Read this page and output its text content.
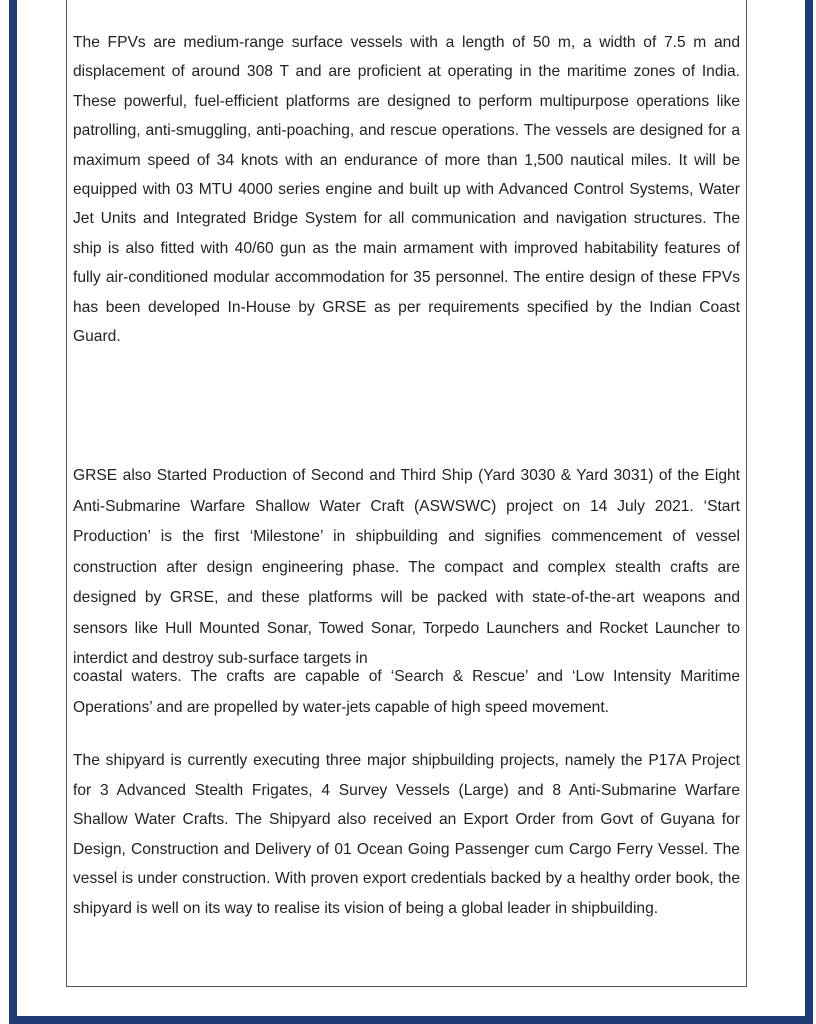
The FPVs are medium-range surface vessels with a length of 50 m, a width of 7.5 m and displacement of around 308 T and are proficient at operating in the maritime zones of India. These powerful, fuel-efficient platforms are designed to perform multipurpose operations like patrolling, anti-smuggling, anti-poaching, and rescue operations. The vessels are designed for a maximum speed of 34 knots with an endurance of more than 1,500 nautical miles. It will be equipped with 03 MTU 4000 series engine and built up with Advanced Control Systems, Water Jet Units and Integrated Bridge System for all communication and navigation structures. The ship is also fitted with 40/60 gun as the main armament with improved habitability features of fully air-conditioned modular accommodation for 35 personnel. The entire design of these FPVs has been developed In-House by GRSE as per requirements specified by the Indian Coast Guard.

GRSE also Started Production of Second and Third Ship (Yard 3030 & Yard 3031) of the Eight Anti-Submarine Warfare Shallow Water Craft (ASWSWC) project on 14 July 2021. ‘Start Production’ is the first ‘Milestone’ in shipbuilding and signifies commencement of vessel construction after design engineering phase. The compact and complex stealth crafts are designed by GRSE, and these platforms will be packed with state-of-the-art weapons and sensors like Hull Mounted Sonar, Towed Sonar, Torpedo Launchers and Rocket Launcher to interdict and destroy sub-surface targets in

coastal waters. The crafts are capable of ‘Search & Rescue’ and ‘Low Intensity Maritime Operations’ and are propelled by water-jets capable of high speed movement.

The shipyard is currently executing three major shipbuilding projects, namely the P17A Project for 3 Advanced Stealth Frigates, 4 Survey Vessels (Large) and 8 Anti-Submarine Warfare Shallow Water Crafts. The Shipyard also received an Export Order from Govt of Guyana for Design, Construction and Delivery of 01 Ocean Going Passenger cum Cargo Ferry Vessel. The vessel is under construction. With proven export credentials backed by a healthy order book, the shipyard is well on its way to realise its vision of being a global leader in shipbuilding.
